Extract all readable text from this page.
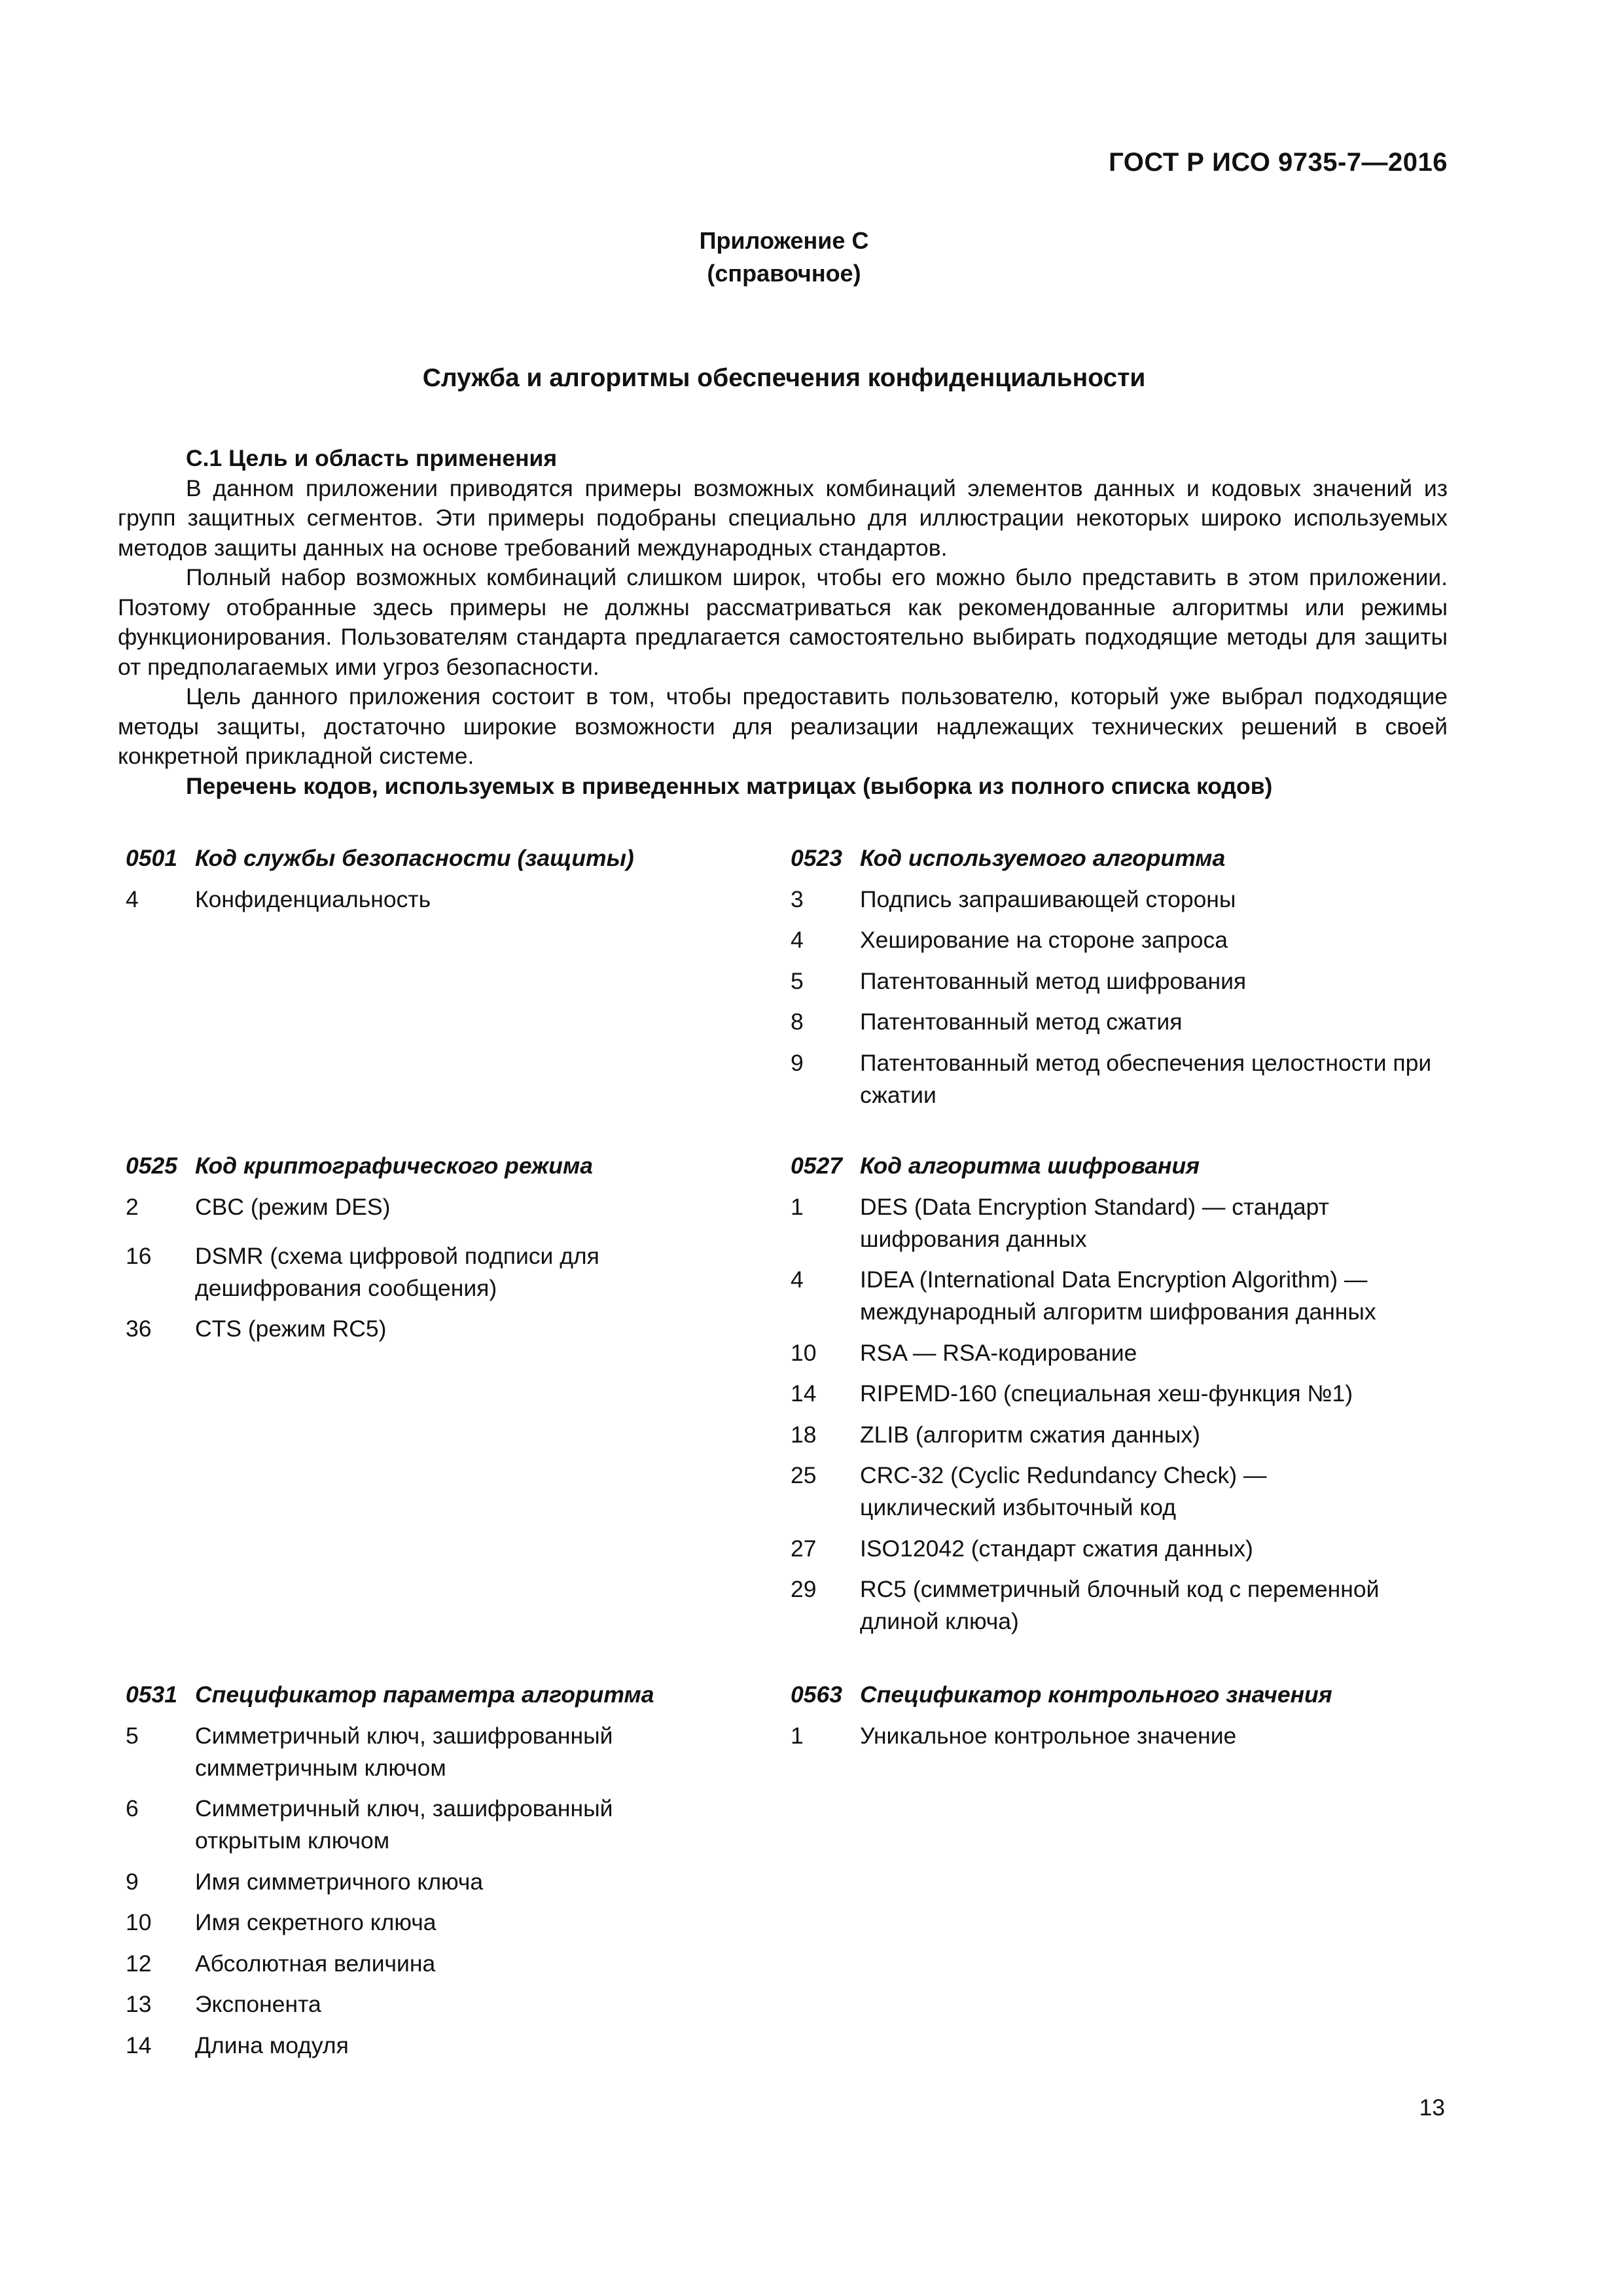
ГОСТ Р ИСО 9735-7—2016
Приложение С
(справочное)
Служба и алгоритмы обеспечения конфиденциальности
С.1 Цель и область применения

В данном приложении приводятся примеры возможных комбинаций элементов данных и кодовых значений из групп защитных сегментов. Эти примеры подобраны специально для иллюстрации некоторых широко используемых методов защиты данных на основе требований международных стандартов.

Полный набор возможных комбинаций слишком широк, чтобы его можно было представить в этом приложении. Поэтому отобранные здесь примеры не должны рассматриваться как рекомендованные алгоритмы или режимы функционирования. Пользователям стандарта предлагается самостоятельно выбирать подходящие методы для защиты от предполагаемых ими угроз безопасности.

Цель данного приложения состоит в том, чтобы предоставить пользователю, который уже выбрал подходящие методы защиты, достаточно широкие возможности для реализации надлежащих технических решений в своей конкретной прикладной системе.

Перечень кодов, используемых в приведенных матрицах (выборка из полного списка кодов)

0501 Код службы безопасности (защиты)
4	Конфиденциальность
0523 Код используемого алгоритма
3	Подпись запрашивающей стороны
4	Хеширование на стороне запроса
5	Патентованный метод шифрования
8	Патентованный метод сжатия
9	Патентованный метод обеспечения целостности при сжатии
0525 Код криптографического режима
2	CBC (режим DES)
16	DSMR (схема цифровой подписи для дешифрования сообщения)
36	CTS (режим RC5)
0527 Код алгоритма шифрования
1	DES (Data Encryption Standard) — стандарт шифрования данных
4	IDEA (International Data Encryption Algorithm) — международный алгоритм шифрования данных
10	RSA — RSA-кодирование
14	RIPEMD-160 (специальная хеш-функция №1)
18	ZLIB (алгоритм сжатия данных)
25	CRC-32 (Cyclic Redundancy Check) — циклический избыточный код
27	ISO12042 (стандарт сжатия данных)
29	RC5 (симметричный блочный код с переменной длиной ключа)
0531 Спецификатор параметра алгоритма
5	Симметричный ключ, зашифрованный симметричным ключом
6	Симметричный ключ, зашифрованный открытым ключом
9	Имя симметричного ключа
10	Имя секретного ключа
12	Абсолютная величина
13	Экспонента
14	Длина модуля
0563 Спецификатор контрольного значения
1	Уникальное контрольное значение
13
